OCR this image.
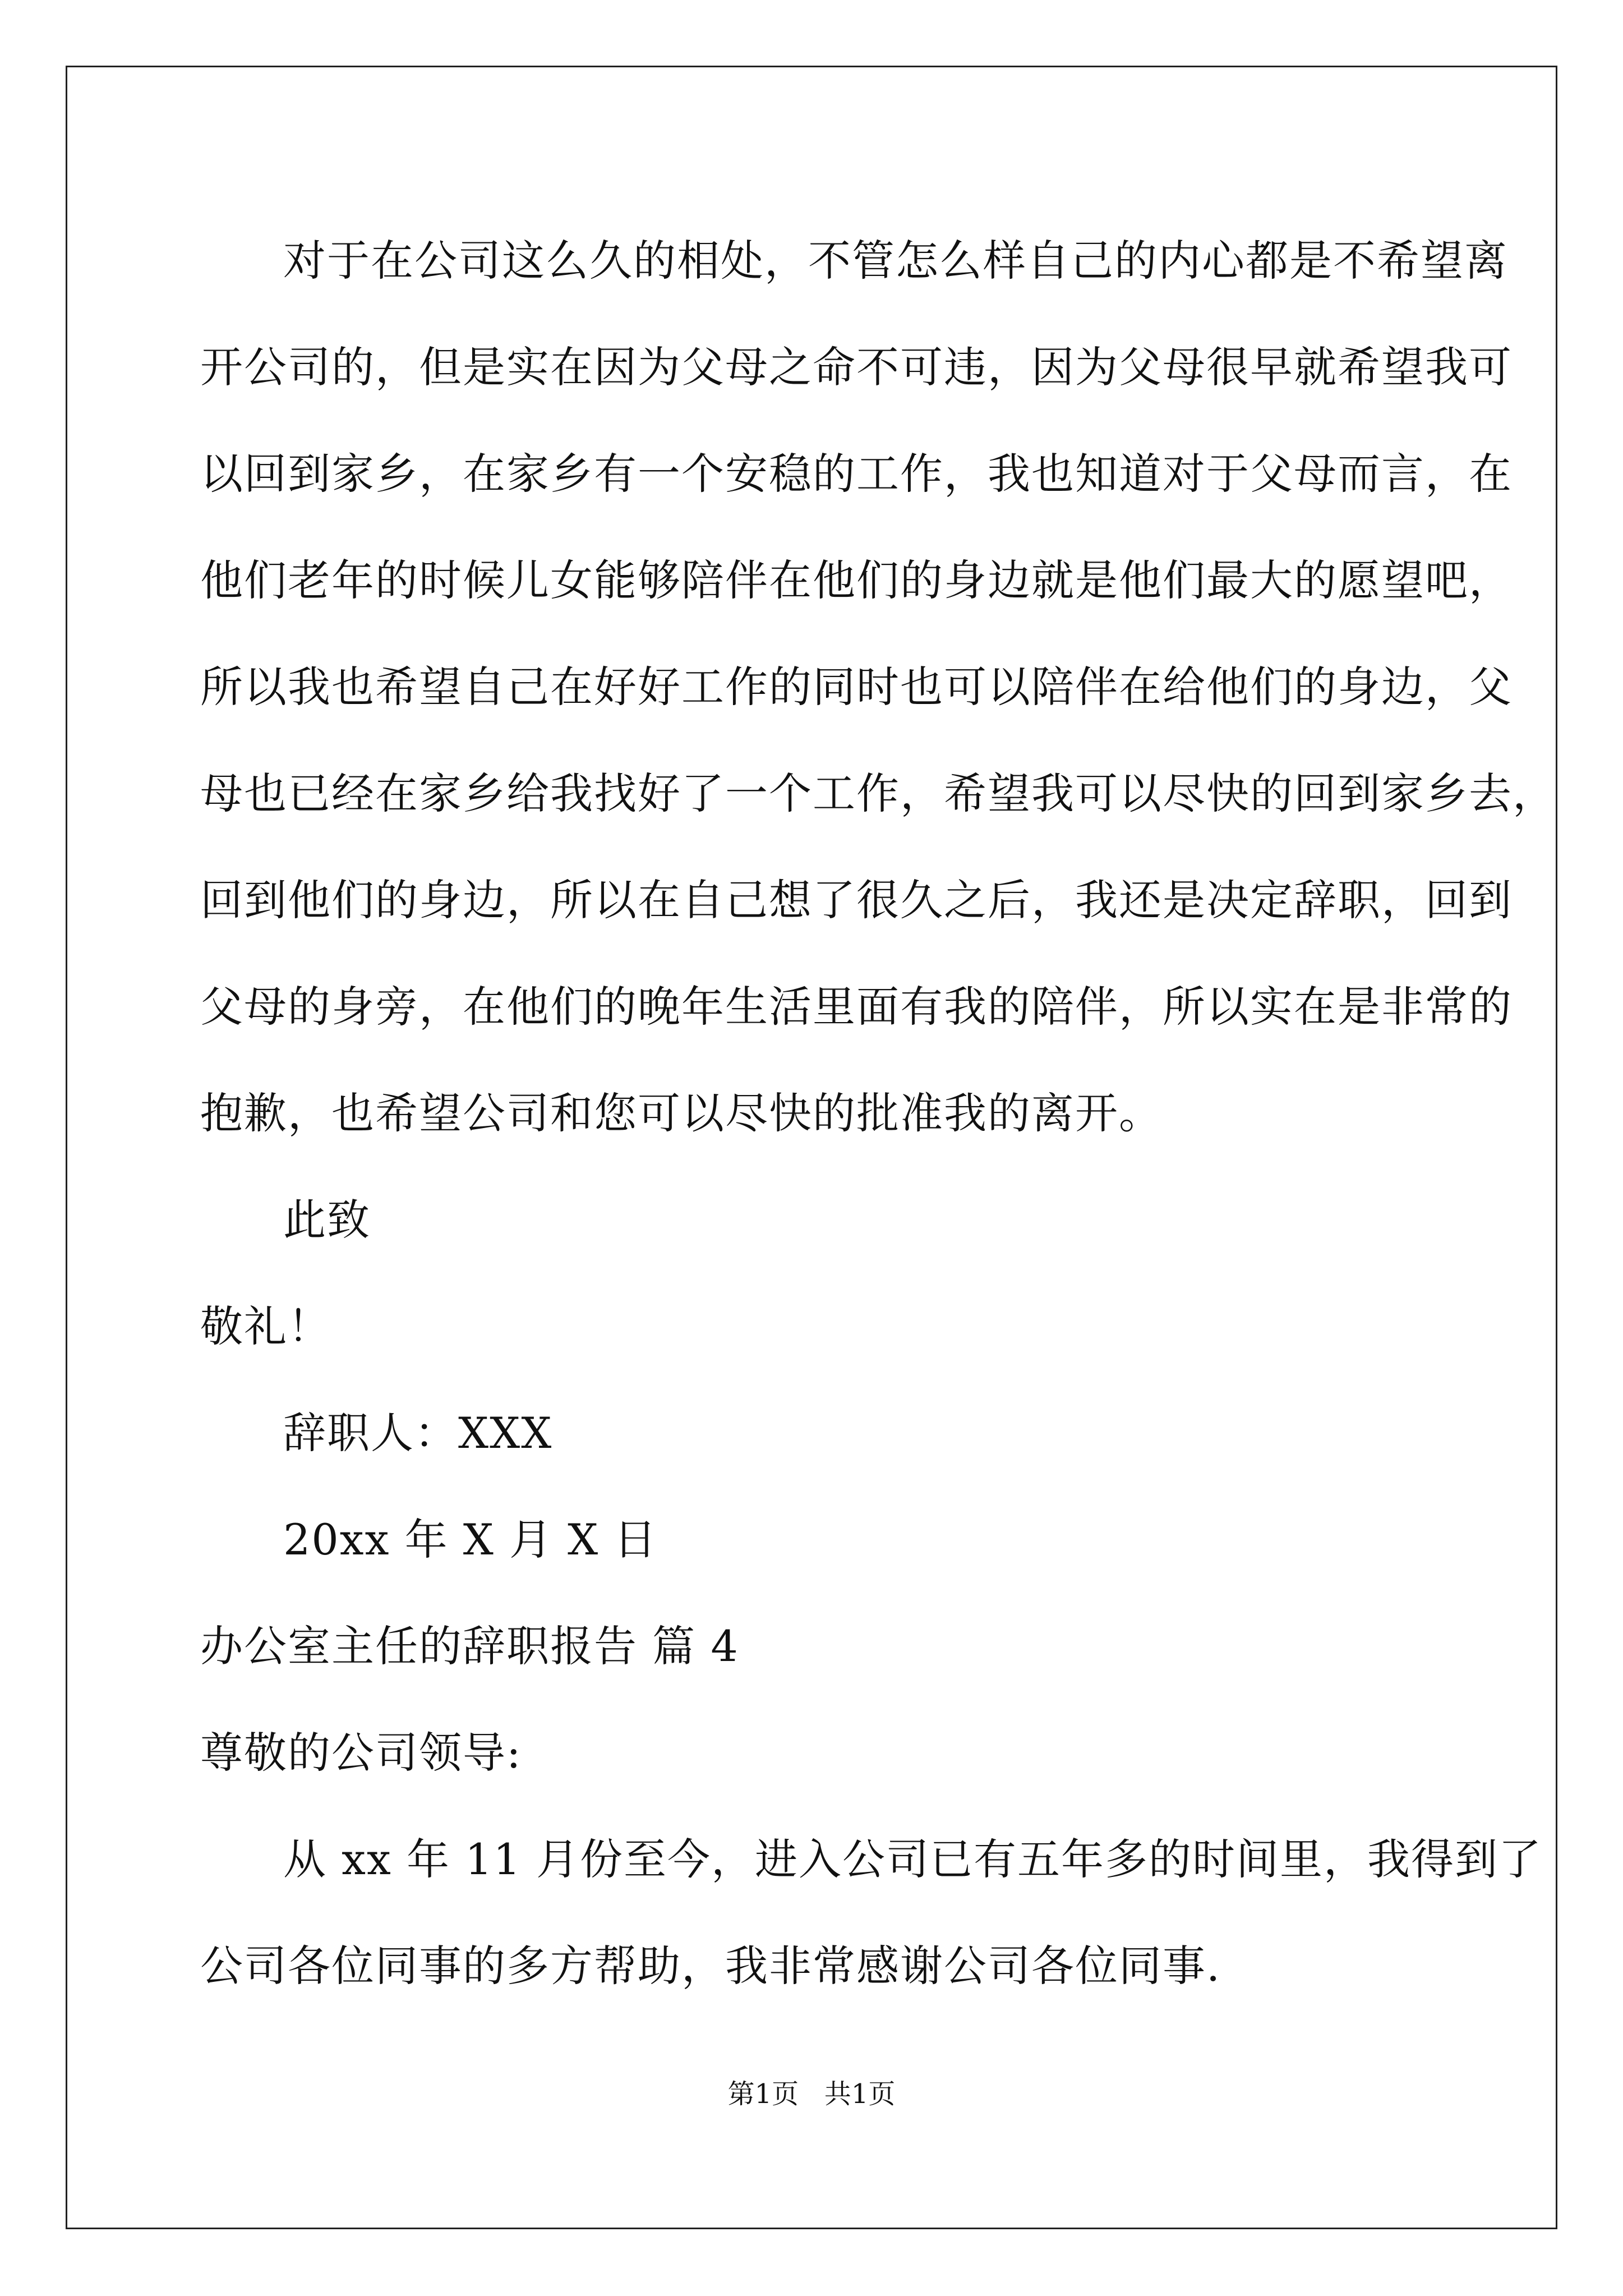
对于在公司这么久的相处，不管怎么样自己的内心都是不希望离

开公司的，但是实在因为父母之命不可违，因为父母很早就希望我可

以回到家乡，在家乡有一个安稳的工作，我也知道对于父母而言，在

他们老年的时候儿女能够陪伴在他们的身边就是他们最大的愿望吧，

所以我也希望自己在好好工作的同时也可以陪伴在给他们的身边，父

母也已经在家乡给我找好了一个工作，希望我可以尽快的回到家乡去，

回到他们的身边，所以在自己想了很久之后，我还是决定辞职，回到

父母的身旁，在他们的晚年生活里面有我的陪伴，所以实在是非常的

抱歉，也希望公司和您可以尽快的批准我的离开。

此致

敬礼！

辞职人：XXX

20xx 年 X 月 X 日

办公室主任的辞职报告 篇 4

尊敬的公司领导:

从 xx 年 11 月份至今，进入公司已有五年多的时间里，我得到了

公司各位同事的多方帮助，我非常感谢公司各位同事.

第1页   共1页
